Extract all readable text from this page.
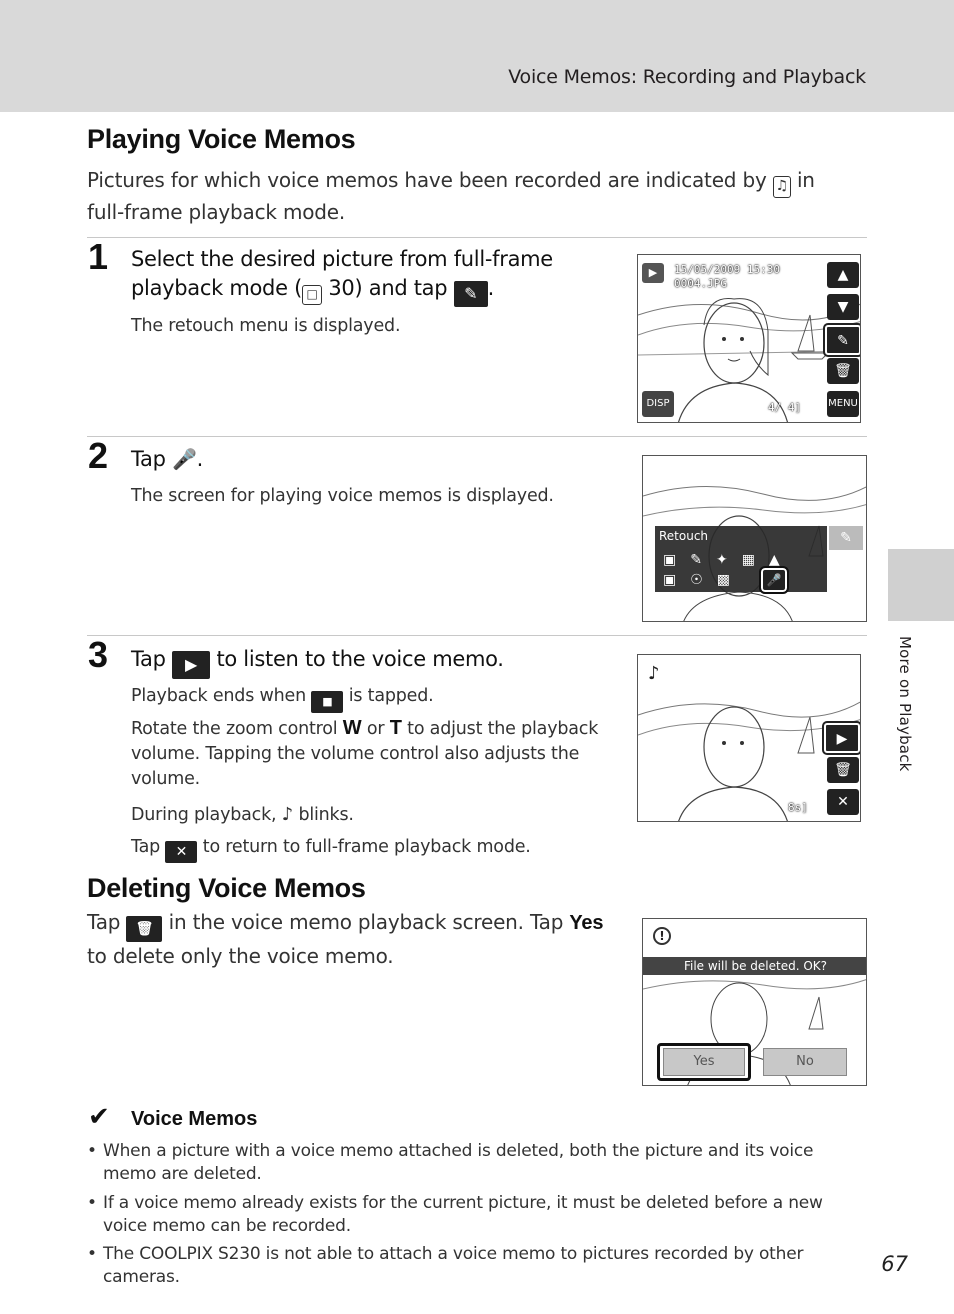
Voice Memos: Recording and Playback
More on Playback
Playing Voice Memos
Pictures for which voice memos have been recorded are indicated by ♫ in full-frame playback mode.
1 Select the desired picture from full-frame playback mode ( □ 30) and tap ✎ .
The retouch menu is displayed.
▶	15/05/2009 15:30
0004.JPG
▲
▼
✎
🗑
MENU
DISP	4/ 4]
2 Tap 🎤.
The screen for playing voice memos is displayed.
Retouch	✎
▣✎✦▦▲
▣☉▩	🎤
3 Tap ▶ to listen to the voice memo.
Playback ends when ■ is tapped.
Rotate the zoom control W or T to adjust the playback volume. Tapping the volume control also adjusts the volume.
During playback, ♪ blinks.
Tap ✕ to return to full-frame playback mode.
♪
▶
🗑
✕
8s]
Deleting Voice Memos
Tap 🗑 in the voice memo playback screen. Tap Yes to delete only the voice memo.
!
File will be deleted. OK?
Yes	No
✔ Voice Memos
• When a picture with a voice memo attached is deleted, both the picture and its voice memo are deleted.
• If a voice memo already exists for the current picture, it must be deleted before a new voice memo can be recorded.
• The COOLPIX S230 is not able to attach a voice memo to pictures recorded by other cameras.
67
